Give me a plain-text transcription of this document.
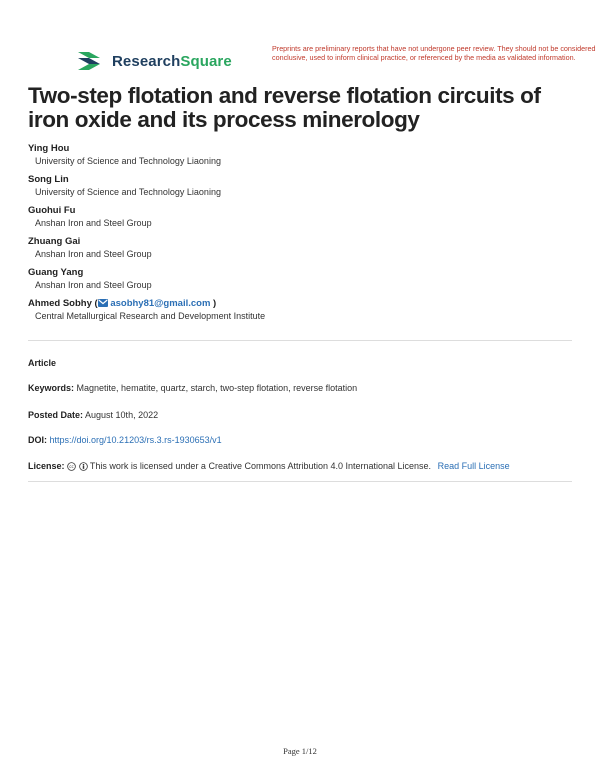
ResearchSquare
Preprints are preliminary reports that have not undergone peer review. They should not be considered conclusive, used to inform clinical practice, or referenced by the media as validated information.
Two-step flotation and reverse flotation circuits of iron oxide and its process minerology
Ying Hou
University of Science and Technology Liaoning
Song Lin
University of Science and Technology Liaoning
Guohui Fu
Anshan Iron and Steel Group
Zhuang Gai
Anshan Iron and Steel Group
Guang Yang
Anshan Iron and Steel Group
Ahmed Sobhy ( asobhy81@gmail.com )
Central Metallurgical Research and Development Institute
Article
Keywords: Magnetite, hematite, quartz, starch, two-step flotation, reverse flotation
Posted Date: August 10th, 2022
DOI: https://doi.org/10.21203/rs.3.rs-1930653/v1
License: cc This work is licensed under a Creative Commons Attribution 4.0 International License. Read Full License
Page 1/12
